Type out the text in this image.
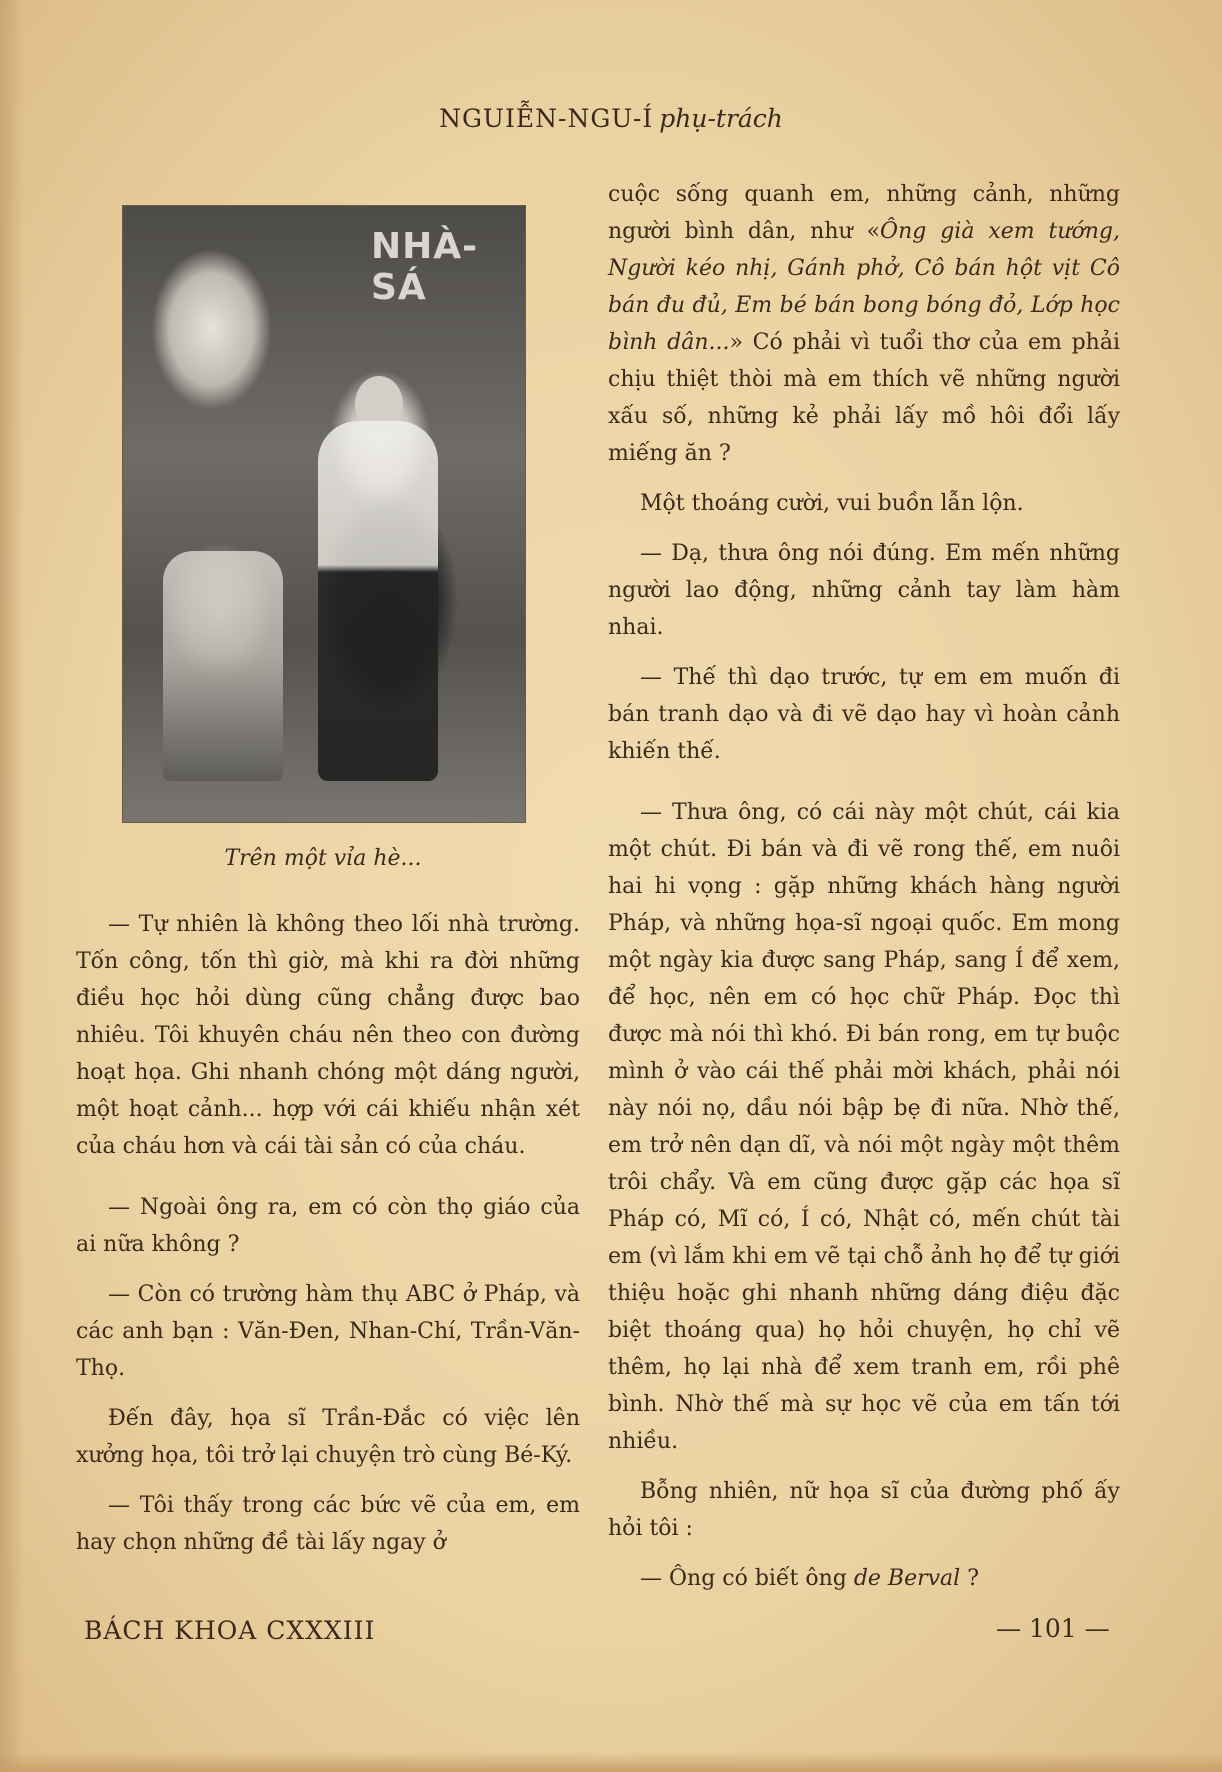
NGUIỄN-NGU-Í phụ-trách
NHÀ-SÁ
Trên một vỉa hè...

— Tự nhiên là không theo lối nhà trường. Tốn công, tốn thì giờ, mà khi ra đời những điều học hỏi dùng cũng chẳng được bao nhiêu. Tôi khuyên cháu nên theo con đường hoạt họa. Ghi nhanh chóng một dáng người, một hoạt cảnh... hợp với cái khiếu nhận xét của cháu hơn và cái tài sản có của cháu.

— Ngoài ông ra, em có còn thọ giáo của ai nữa không ?

— Còn có trường hàm thụ ABC ở Pháp, và các anh bạn : Văn-Đen, Nhan-Chí, Trần-Văn-Thọ.

Đến đây, họa sĩ Trần-Đắc có việc lên xưởng họa, tôi trở lại chuyện trò cùng Bé-Ký.

— Tôi thấy trong các bức vẽ của em, em hay chọn những đề tài lấy ngay ở

cuộc sống quanh em, những cảnh, những người bình dân, như «Ông già xem tướng, Người kéo nhị, Gánh phở, Cô bán hột vịt Cô bán đu đủ, Em bé bán bong bóng đỏ, Lớp học bình dân...» Có phải vì tuổi thơ của em phải chịu thiệt thòi mà em thích vẽ những người xấu số, những kẻ phải lấy mồ hôi đổi lấy miếng ăn ?

Một thoáng cười, vui buồn lẫn lộn.

— Dạ, thưa ông nói đúng. Em mến những người lao động, những cảnh tay làm hàm nhai.

— Thế thì dạo trước, tự em em muốn đi bán tranh dạo và đi vẽ dạo hay vì hoàn cảnh khiến thế.

— Thưa ông, có cái này một chút, cái kia một chút. Đi bán và đi vẽ rong thế, em nuôi hai hi vọng : gặp những khách hàng người Pháp, và những họa-sĩ ngoại quốc. Em mong một ngày kia được sang Pháp, sang Í để xem, để học, nên em có học chữ Pháp. Đọc thì được mà nói thì khó. Đi bán rong, em tự buộc mình ở vào cái thế phải mời khách, phải nói này nói nọ, dầu nói bập bẹ đi nữa. Nhờ thế, em trở nên dạn dĩ, và nói một ngày một thêm trôi chẩy. Và em cũng được gặp các họa sĩ Pháp có, Mĩ có, Í có, Nhật có, mến chút tài em (vì lắm khi em vẽ tại chỗ ảnh họ để tự giới thiệu hoặc ghi nhanh những dáng điệu đặc biệt thoáng qua) họ hỏi chuyện, họ chỉ vẽ thêm, họ lại nhà để xem tranh em, rồi phê bình. Nhờ thế mà sự học vẽ của em tấn tới nhiều.

Bỗng nhiên, nữ họa sĩ của đường phố ấy hỏi tôi :

— Ông có biết ông de Berval ?

BÁCH KHOA CXXXIII	— 101 —
